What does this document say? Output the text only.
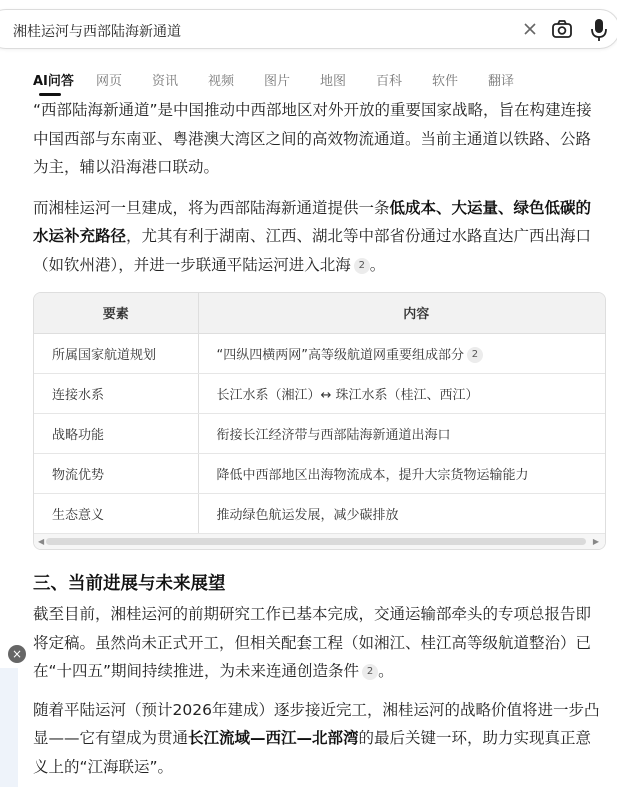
湘桂运河与西部陆海新通道
AI问答 网页 资讯 视频 图片 地图 百科 软件 翻译

“西部陆海新通道”是中国推动中西部地区对外开放的重要国家战略，旨在构建连接中国西部与东南亚、粤港澳大湾区之间的高效物流通道。当前主通道以铁路、公路为主，辅以沿海港口联动。

而湘桂运河一旦建成，将为西部陆海新通道提供一条低成本、大运量、绿色低碳的水运补充路径，尤其有利于湖南、江西、湖北等中部省份通过水路直达广西出海口（如钦州港），并进一步联通平陆运河进入北海 2 。

要素	内容
所属国家航道规划	“四纵四横两网”高等级航道网重要组成部分 2
连接水系	长江水系（湘江）↔ 珠江水系（桂江、西江）
战略功能	衔接长江经济带与西部陆海新通道出海口
物流优势	降低中西部地区出海物流成本，提升大宗货物运输能力
生态意义	推动绿色航运发展，减少碳排放
◀	▶
三、当前进展与未来展望

截至目前，湘桂运河的前期研究工作已基本完成，交通运输部牵头的专项总报告即将定稿。虽然尚未正式开工，但相关配套工程（如湘江、桂江高等级航道整治）已在“十四五”期间持续推进，为未来连通创造条件 2 。

随着平陆运河（预计2026年建成）逐步接近完工，湘桂运河的战略价值将进一步凸显——它有望成为贯通长江流域—西江—北部湾的最后关键一环，助力实现真正意义上的“江海联运”。

×
